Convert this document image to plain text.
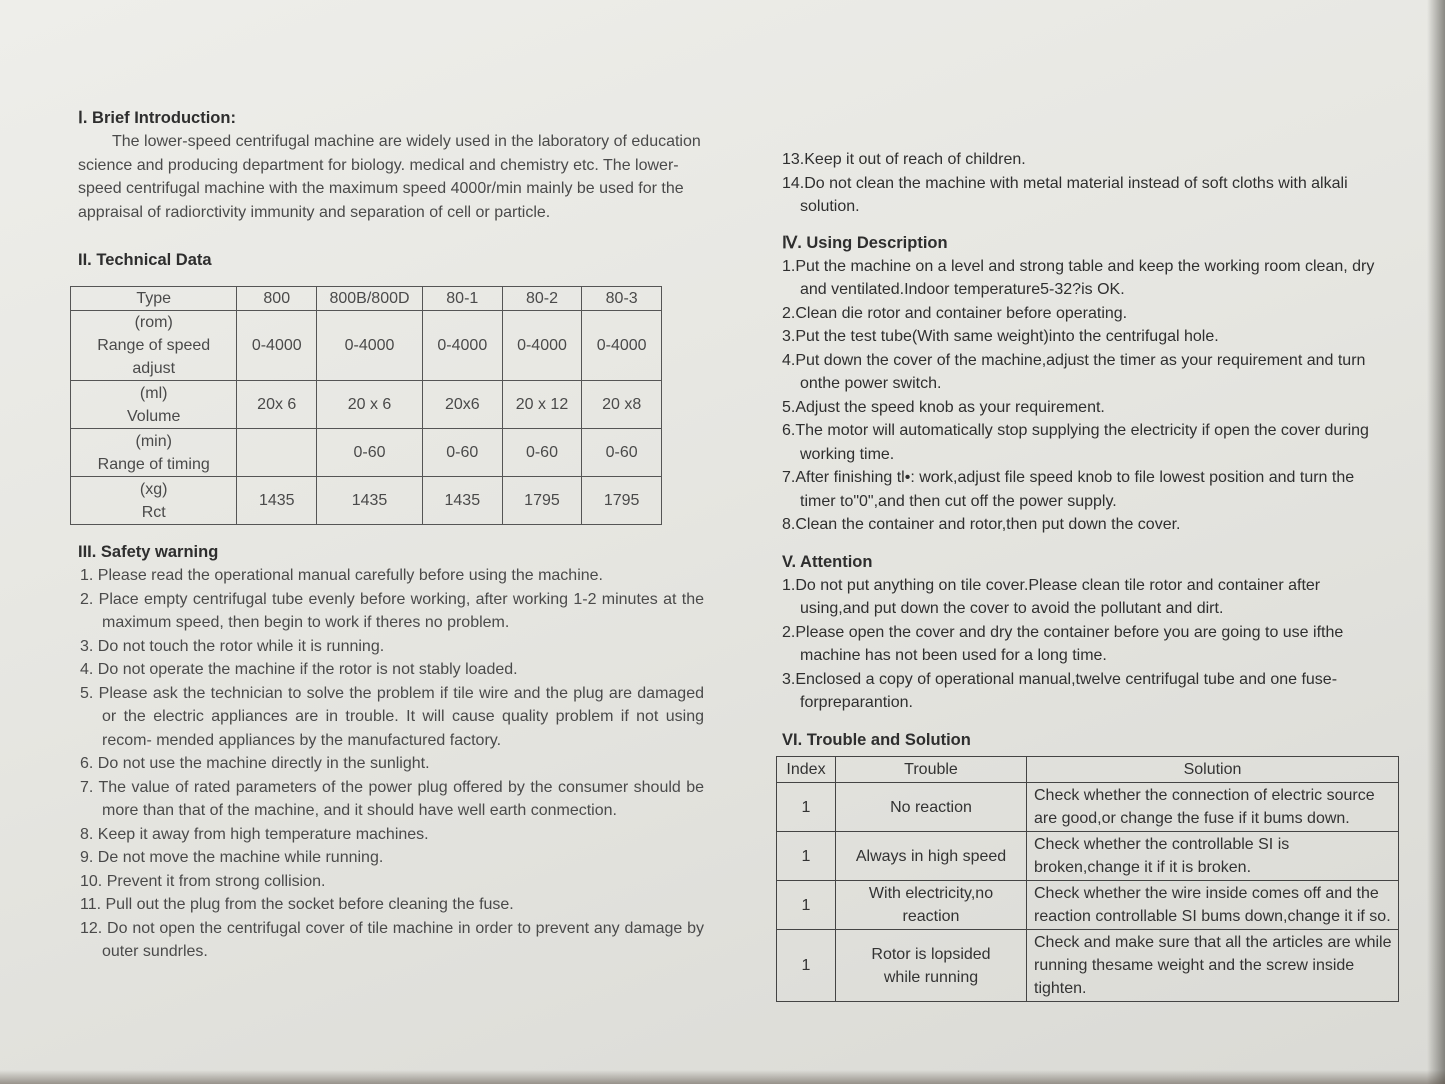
Ⅰ. Brief Introduction:

The lower-speed centrifugal machine are widely used in the laboratory of education science and producing department for biology. medical and chemistry etc. The lower-speed centrifugal machine with the maximum speed 4000r/min mainly be used for the appraisal of radiorctivity immunity and separation of cell or particle.

II. Technical Data
Type	800	800B/800D	80-1	80-2	80-3

(rom)
Range of speed
adjust	0-4000	0-4000	0-4000	0-4000	0-4000

(ml)
Volume	20x 6	20 x 6	20x6	20 x 12	20 x8

(min)
Range of timing		0-60	0-60	0-60	0-60

(xg)
Rct	1435	1435	1435	1795	1795
III. Safety warning
1. Please read the operational manual carefully before using the machine.
2. Place empty centrifugal tube evenly before working, after working 1-2 minutes at the maximum speed, then begin to work if theres no problem.
3. Do not touch the rotor while it is running.
4. Do not operate the machine if the rotor is not stably loaded.
5. Please ask the technician to solve the problem if tile wire and the plug are damaged or the electric appliances are in trouble. It will cause quality problem if not using recom- mended appliances by the manufactured factory.
6. Do not use the machine directly in the sunlight.
7. The value of rated parameters of the power plug offered by the consumer should be more than that of the machine, and it should have well earth conmection.
8. Keep it away from high temperature machines.
9. De not move the machine while running.
10. Prevent it from strong collision.
11. Pull out the plug from the socket before cleaning the fuse.
12. Do not open the centrifugal cover of tile machine in order to prevent any damage by outer sundrles.
13.Keep it out of reach of children.
14.Do not clean the machine with metal material instead of soft cloths with alkali solution.
Ⅳ. Using Description
1.Put the machine on a level and strong table and keep the working room clean, dry and ventilated.Indoor temperature5-32?is OK.
2.Clean die rotor and container before operating.
3.Put the test tube(With same weight)into the centrifugal hole.
4.Put down the cover of the machine,adjust the timer as your requirement and turn onthe power switch.
5.Adjust the speed knob as your requirement.
6.The motor will automatically stop supplying the electricity if open the cover during working time.
7.After finishing tl•: work,adjust file speed knob to file lowest position and turn the timer to"0",and then cut off the power supply.
8.Clean the container and rotor,then put down the cover.
V. Attention
1.Do not put anything on tile cover.Please clean tile rotor and container after using,and put down the cover to avoid the pollutant and dirt.
2.Please open the cover and dry the container before you are going to use ifthe machine has not been used for a long time.
3.Enclosed a copy of operational manual,twelve centrifugal tube and one fuse-forpreparantion.
VI. Trouble and Solution
Index	Trouble	Solution
1	No reaction	Check whether the connection of electric source are good,or change the fuse if it bums down.
1	Always in high speed	Check whether the controllable SI is broken,change it if it is broken.
1	With electricity,no reaction	Check whether the wire inside comes off and the reaction controllable SI bums down,change it if so.
1	Rotor is lopsided while running	Check and make sure that all the articles are while running thesame weight and the screw inside tighten.
